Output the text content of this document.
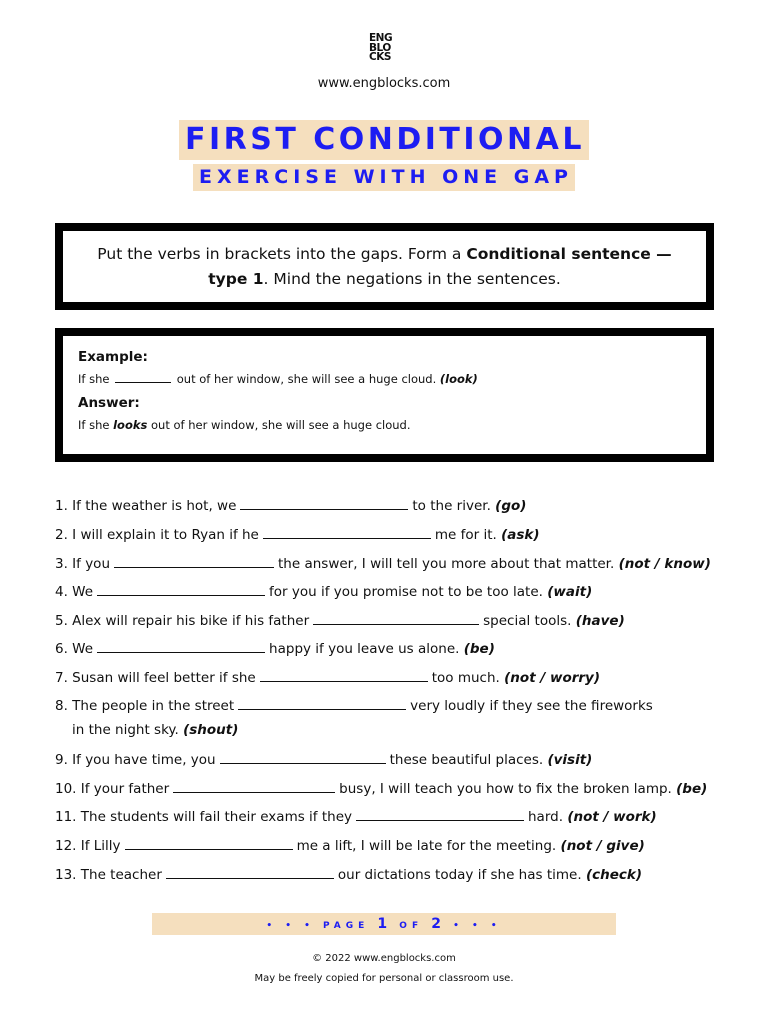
ENG
BLO
CKS
www.engblocks.com
FIRST CONDITIONAL
EXERCISE WITH ONE GAP
Put the verbs in brackets into the gaps. Form a Conditional sentence — type 1. Mind the negations in the sentences.

Example:

If she	out of her window, she will see a huge cloud. (look)

Answer:

If she looks out of her window, she will see a huge cloud.

1. If the weather is hot, we	to the river. (go)
2. I will explain it to Ryan if he	me for it. (ask)
3. If you	the answer, I will tell you more about that matter. (not / know)
4. We	for you if you promise not to be too late. (wait)
5. Alex will repair his bike if his father	special tools. (have)
6. We	happy if you leave us alone. (be)
7. Susan will feel better if she	too much. (not / worry)
8. The people in the street	very loudly if they see the fireworks
in the night sky. (shout)
9. If you have time, you	these beautiful places. (visit)
10. If your father	busy, I will teach you how to fix the broken lamp. (be)
11. The students will fail their exams if they	hard. (not / work)
12. If Lilly	me a lift, I will be late for the meeting. (not / give)
13. The teacher	our dictations today if she has time. (check)
• • • PAGE 1 OF 2 • • •
© 2022 www.engblocks.com
May be freely copied for personal or classroom use.
